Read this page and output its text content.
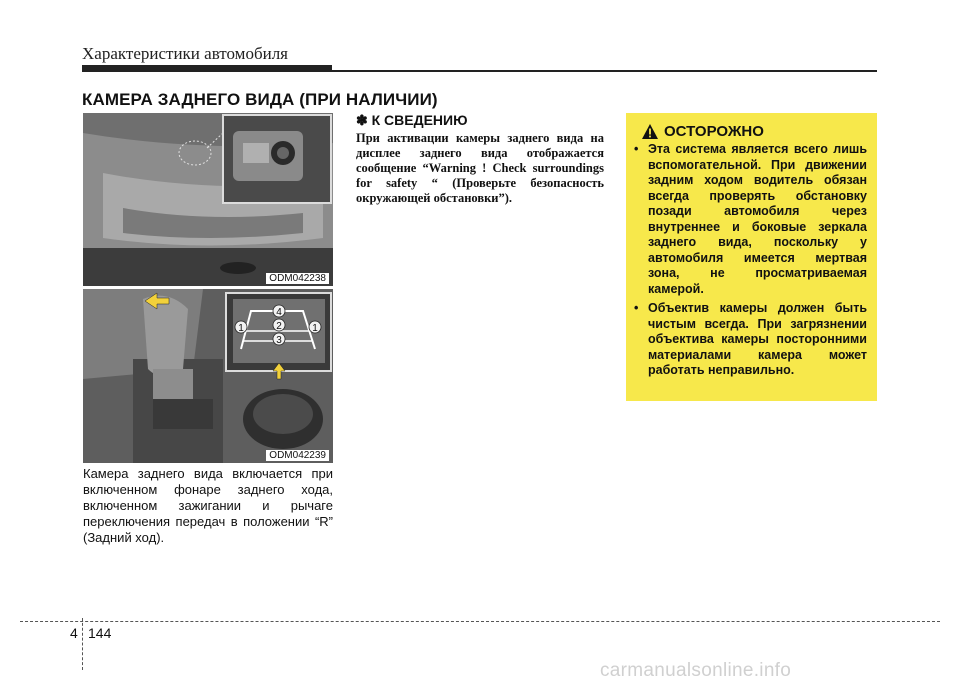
Характеристики автомобиля
КАМЕРА ЗАДНЕГО ВИДА (ПРИ НАЛИЧИИ)
ODM042238
4
1	2	1
3
ODM042239
Камера заднего вида включается при включенном фонаре заднего хода, включенном зажигании и рычаге переключения передач в положении “R” (Задний ход).
✽ К СВЕДЕНИЮ
При активации камеры заднего вида на дисплее заднего вида отображается сообщение “Warning ! Check surroundings for safety “ (Проверьте безопасность окружающей обстановки”).
ОСТОРОЖНО
• Эта система является всего лишь вспомогательной. При движении задним ходом водитель обязан всегда проверять обстановку позади автомобиля через внутреннее и боковые зеркала заднего вида, поскольку у автомобиля имеется мертвая зона, не просматриваемая камерой.
• Объектив камеры должен быть чистым всегда. При загрязнении объектива камеры посторонними материалами камера может работать неправильно.
4 144
carmanualsonline.info
